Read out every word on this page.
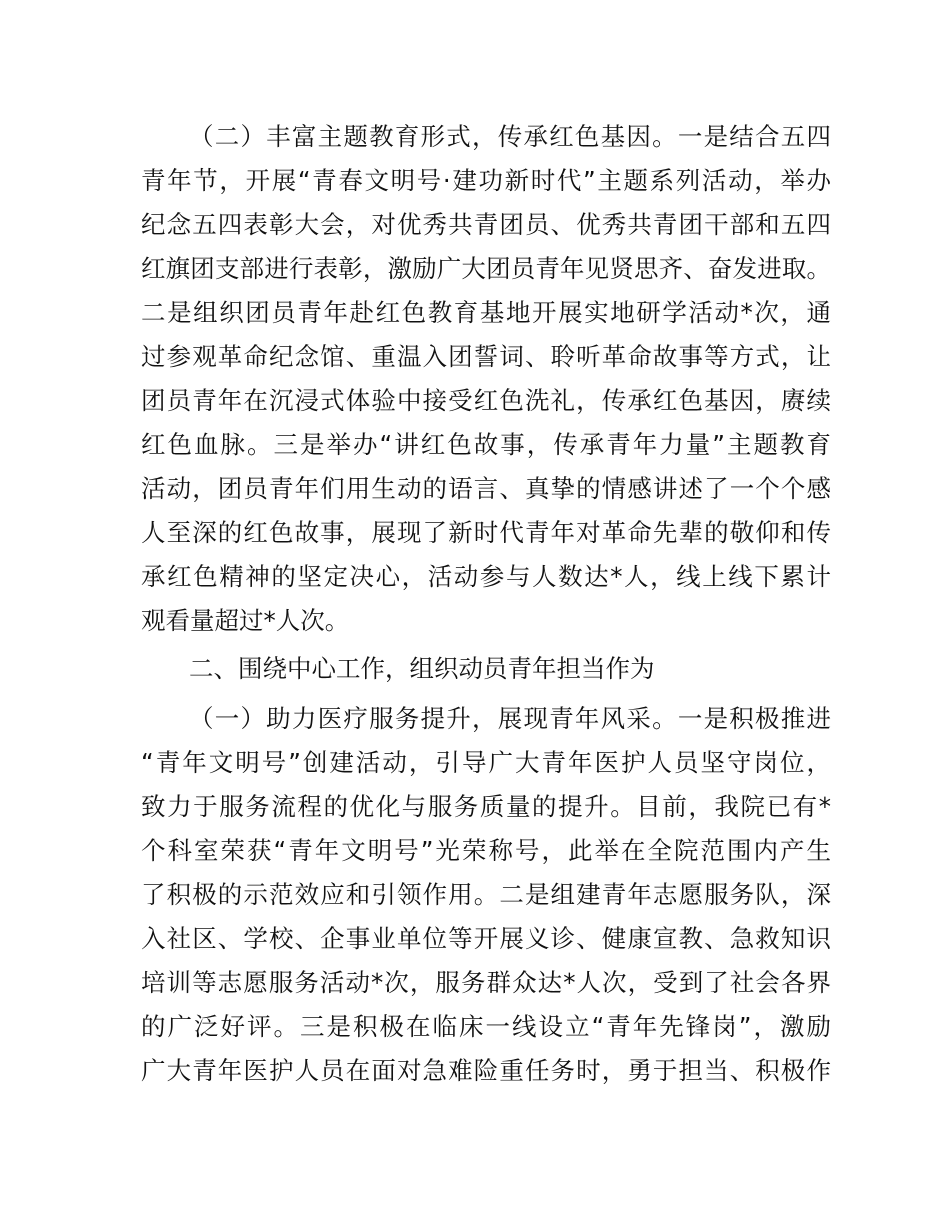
（二）丰富主题教育形式，传承红色基因。一是结合五四
青年节，开展“青春文明号·建功新时代”主题系列活动，举办
纪念五四表彰大会，对优秀共青团员、优秀共青团干部和五四
红旗团支部进行表彰，激励广大团员青年见贤思齐、奋发进取。
二是组织团员青年赴红色教育基地开展实地研学活动*次，通
过参观革命纪念馆、重温入团誓词、聆听革命故事等方式，让
团员青年在沉浸式体验中接受红色洗礼，传承红色基因，赓续
红色血脉。三是举办“讲红色故事，传承青年力量”主题教育
活动，团员青年们用生动的语言、真挚的情感讲述了一个个感
人至深的红色故事，展现了新时代青年对革命先辈的敬仰和传
承红色精神的坚定决心，活动参与人数达*人，线上线下累计
观看量超过*人次。
二、围绕中心工作，组织动员青年担当作为
（一）助力医疗服务提升，展现青年风采。一是积极推进
“青年文明号”创建活动，引导广大青年医护人员坚守岗位，
致力于服务流程的优化与服务质量的提升。目前，我院已有*
个科室荣获“青年文明号”光荣称号，此举在全院范围内产生
了积极的示范效应和引领作用。二是组建青年志愿服务队，深
入社区、学校、企事业单位等开展义诊、健康宣教、急救知识
培训等志愿服务活动*次，服务群众达*人次，受到了社会各界
的广泛好评。三是积极在临床一线设立“青年先锋岗”，激励
广大青年医护人员在面对急难险重任务时，勇于担当、积极作
